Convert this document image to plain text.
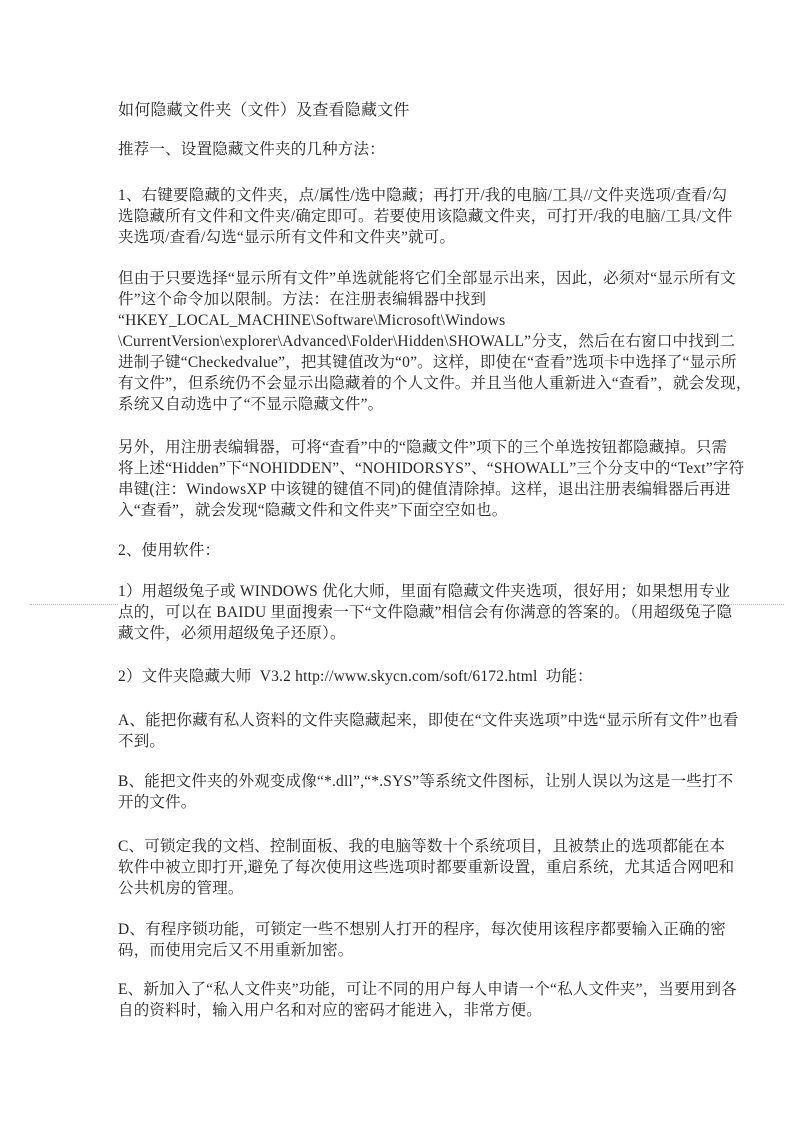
如何隐藏文件夹（文件）及查看隐藏文件
推荐一、设置隐藏文件夹的几种方法：
1、右键要隐藏的文件夹，点/属性/选中隐藏；再打开/我的电脑/工具//文件夹选项/查看/勾
选隐藏所有文件和文件夹/确定即可。若要使用该隐藏文件夹，可打开/我的电脑/工具/文件
夹选项/查看/勾选“显示所有文件和文件夹”就可。
但由于只要选择“显示所有文件”单选就能将它们全部显示出来，因此，必须对“显示所有文
件”这个命令加以限制。方法：在注册表编辑器中找到
“HKEY_LOCAL_MACHINE\Software\Microsoft\Windows
\CurrentVersion\explorer\Advanced\Folder\Hidden\SHOWALL”分支，然后在右窗口中找到二
进制子键“Checkedvalue”，把其键值改为“0”。这样，即使在“查看”选项卡中选择了“显示所
有文件”，但系统仍不会显示出隐藏着的个人文件。并且当他人重新进入“查看”，就会发现，
系统又自动选中了“不显示隐藏文件”。
另外，用注册表编辑器，可将“查看”中的“隐藏文件”项下的三个单选按钮都隐藏掉。只需
将上述“Hidden”下“NOHIDDEN”、“NOHIDORSYS”、“SHOWALL”三个分支中的“Text”字符
串键(注：WindowsXP 中该键的键值不同)的健值清除掉。这样，退出注册表编辑器后再进
入“查看”，就会发现“隐藏文件和文件夹”下面空空如也。
2、使用软件：
1）用超级兔子或 WINDOWS 优化大师，里面有隐藏文件夹选项，很好用；如果想用专业
点的，可以在 BAIDU 里面搜索一下“文件隐藏”相信会有你满意的答案的。（用超级兔子隐
藏文件，必须用超级兔子还原）。
2）文件夹隐藏大师  V3.2 http://www.skycn.com/soft/6172.html  功能：
A、能把你藏有私人资料的文件夹隐藏起来，即使在“文件夹选项”中选“显示所有文件”也看
不到。
B、能把文件夹的外观变成像“*.dll”,“*.SYS”等系统文件图标，让别人误以为这是一些打不
开的文件。
C、可锁定我的文档、控制面板、我的电脑等数十个系统项目，且被禁止的选项都能在本
软件中被立即打开,避免了每次使用这些选项时都要重新设置，重启系统，尤其适合网吧和
公共机房的管理。
D、有程序锁功能，可锁定一些不想别人打开的程序，每次使用该程序都要输入正确的密
码，而使用完后又不用重新加密。
E、新加入了“私人文件夹”功能，可让不同的用户每人申请一个“私人文件夹”，当要用到各
自的资料时，输入用户名和对应的密码才能进入，非常方便。
